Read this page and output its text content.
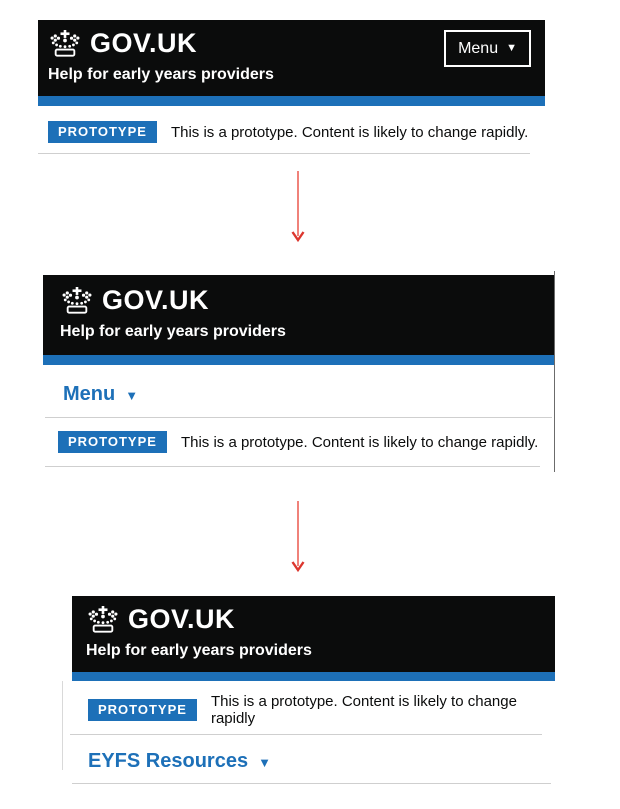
GOV.UK	Menu ▼
Help for early years providers
PROTOTYPE	This is a prototype. Content is likely to change rapidly.
GOV.UK
Help for early years providers
Menu ▼
PROTOTYPE	This is a prototype. Content is likely to change rapidly.
GOV.UK
Help for early years providers
PROTOTYPE	This is a prototype. Content is likely to change rapidly
EYFS Resources ▼
